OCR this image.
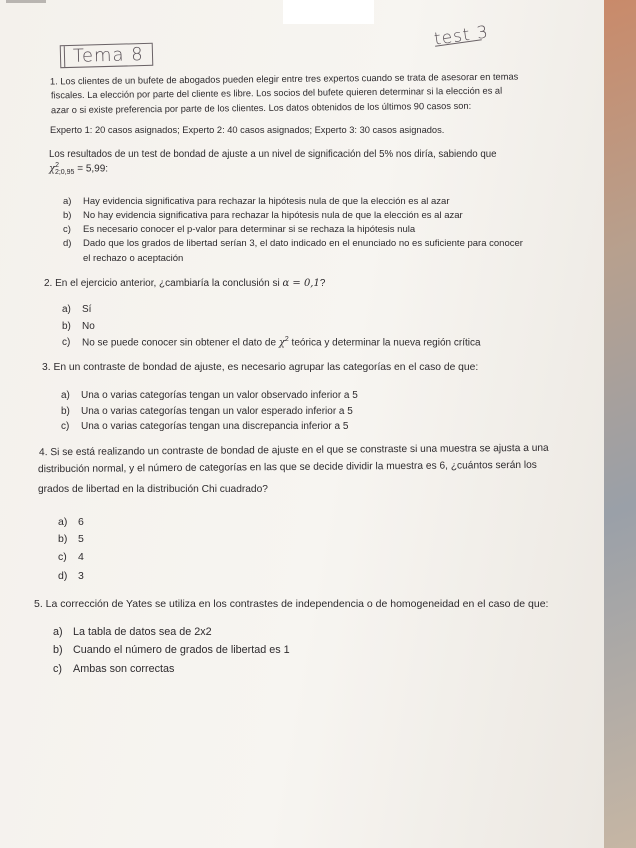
Tema 8
test 3
1. Los clientes de un bufete de abogados pueden elegir entre tres expertos cuando se trata de asesorar en temas
fiscales. La elección por parte del cliente es libre. Los socios del bufete quieren determinar si la elección es al
azar o si existe preferencia por parte de los clientes. Los datos obtenidos de los últimos 90 casos son:
Experto 1: 20 casos asignados; Experto 2: 40 casos asignados; Experto 3: 30 casos asignados.
Los resultados de un test de bondad de ajuste a un nivel de significación del 5% nos diría, sabiendo que
$\chi^2_{2;0,95} = 5,99$:
a) Hay evidencia significativa para rechazar la hipótesis nula de que la elección es al azar
b) No hay evidencia significativa para rechazar la hipótesis nula de que la elección es al azar
c) Es necesario conocer el p-valor para determinar si se rechaza la hipótesis nula
d) Dado que los grados de libertad serían 3, el dato indicado en el enunciado no es suficiente para conocer
el rechazo o aceptación
2. En el ejercicio anterior, ¿cambiaría la conclusión si α = 0,1?
a) Sí
b) No
c) No se puede conocer sin obtener el dato de $\chi^2$ teórica y determinar la nueva región crítica
3. En un contraste de bondad de ajuste, es necesario agrupar las categorías en el caso de que:
a) Una o varias categorías tengan un valor observado inferior a 5
b) Una o varias categorías tengan un valor esperado inferior a 5
c) Una o varias categorías tengan una discrepancia inferior a 5
4. Si se está realizando un contraste de bondad de ajuste en el que se constraste si una muestra se ajusta a una
distribución normal, y el número de categorías en las que se decide dividir la muestra es 6, ¿cuántos serán los
grados de libertad en la distribución Chi cuadrado?
a) 6
b) 5
c) 4
d) 3
5. La corrección de Yates se utiliza en los contrastes de independencia o de homogeneidad en el caso de que:
a) La tabla de datos sea de 2x2
b) Cuando el número de grados de libertad es 1
c) Ambas son correctas
